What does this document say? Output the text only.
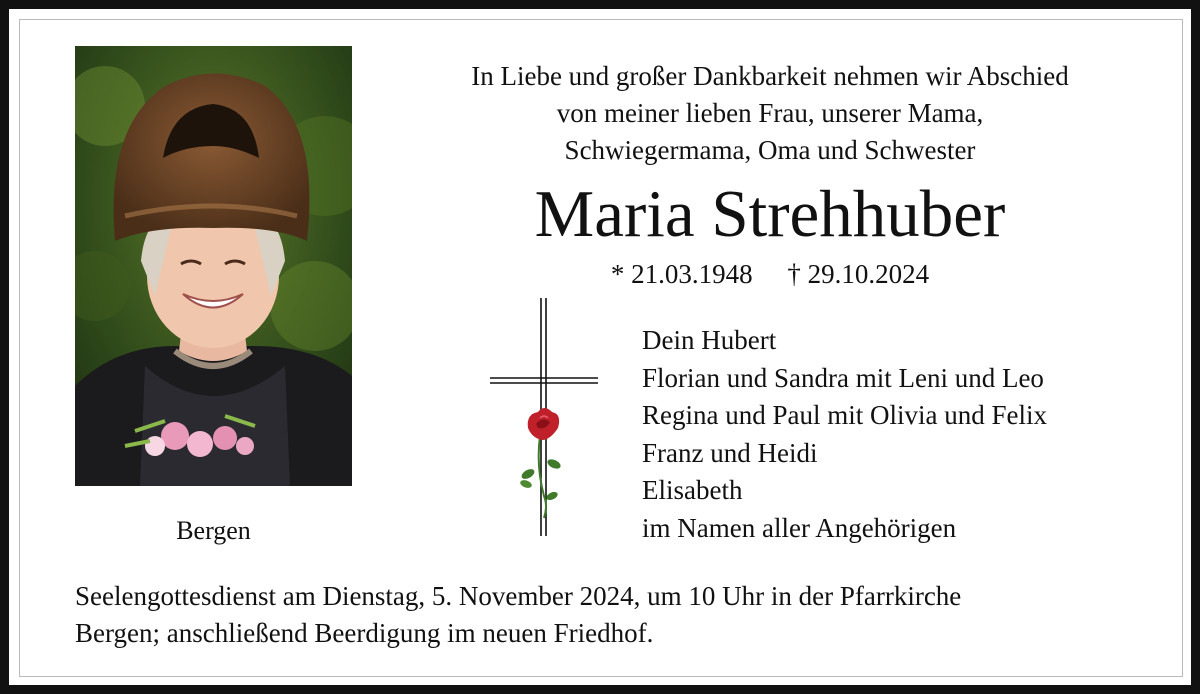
Bergen
In Liebe und großer Dankbarkeit nehmen wir Abschied
von meiner lieben Frau, unserer Mama,
Schwiegermama, Oma und Schwester
Maria Strehhuber
* 21.03.1948 † 29.10.2024
Dein Hubert
Florian und Sandra mit Leni und Leo
Regina und Paul mit Olivia und Felix
Franz und Heidi
Elisabeth
im Namen aller Angehörigen
Seelengottesdienst am Dienstag, 5. November 2024, um 10 Uhr in der Pfarrkirche
Bergen; anschließend Beerdigung im neuen Friedhof.
